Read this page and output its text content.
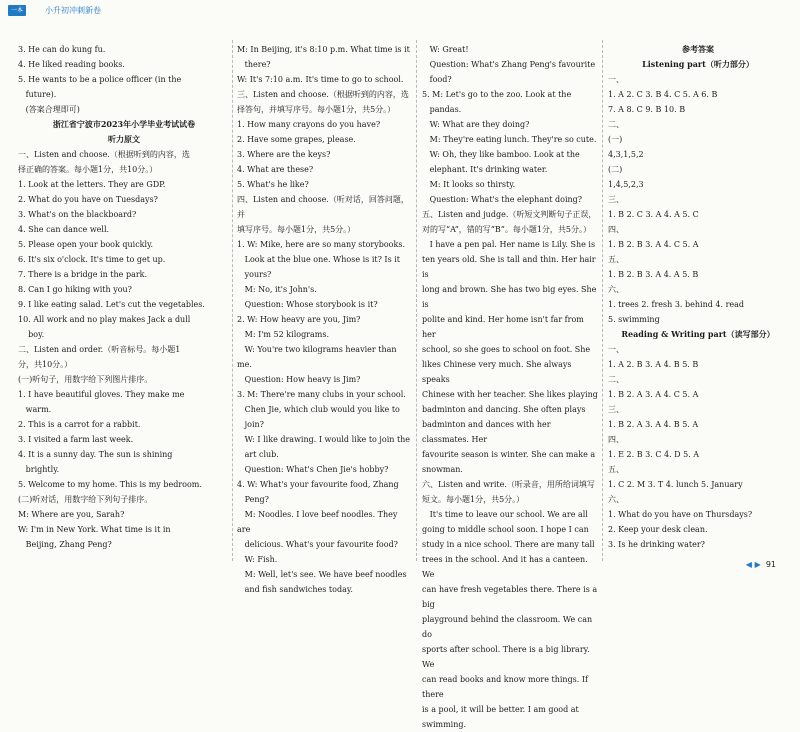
一本	小升初冲刺新卷
3. He can do kung fu.
4. He liked reading books.
5. He wants to be a police officer (in the
future).
(答案合理即可)
浙江省宁波市2023年小学毕业考试试卷
听力原文
一、Listen and choose.（根据听到的内容，选
择正确的答案。每小题1分，共10分。）
1. Look at the letters. They are GDP.
2. What do you have on Tuesdays?
3. What's on the blackboard?
4. She can dance well.
5. Please open your book quickly.
6. It's six o'clock. It's time to get up.
7. There is a bridge in the park.
8. Can I go hiking with you?
9. I like eating salad. Let's cut the vegetables.
10. All work and no play makes Jack a dull
boy.
二、Listen and order.（听音标号。每小题1
分，共10分。）
(一)听句子，用数字给下列图片排序。
1. I have beautiful gloves. They make me
warm.
2. This is a carrot for a rabbit.
3. I visited a farm last week.
4. It is a sunny day. The sun is shining
brightly.
5. Welcome to my home. This is my bedroom.
(二)听对话，用数字给下列句子排序。
M: Where are you, Sarah?
W: I'm in New York. What time is it in
Beijing, Zhang Peng?
M: In Beijing, it's 8:10 p.m. What time is it
there?
W: It's 7:10 a.m. It's time to go to school.
三、Listen and choose.（根据听到的内容，选
择答句，并填写序号。每小题1分，共5分。）
1. How many crayons do you have?
2. Have some grapes, please.
3. Where are the keys?
4. What are these?
5. What's he like?
四、Listen and choose.（听对话，回答问题，并
填写序号。每小题1分，共5分。）
1. W: Mike, here are so many storybooks.
Look at the blue one. Whose is it? Is it
yours?
M: No, it's John's.
Question: Whose storybook is it?
2. W: How heavy are you, Jim?
M: I'm 52 kilograms.
W: You're two kilograms heavier than me.
Question: How heavy is Jim?
3. M: There're many clubs in your school.
Chen Jie, which club would you like to
join?
W: I like drawing. I would like to join the
art club.
Question: What's Chen Jie's hobby?
4. W: What's your favourite food, Zhang
Peng?
M: Noodles. I love beef noodles. They are
delicious. What's your favourite food?
W: Fish.
M: Well, let's see. We have beef noodles
and fish sandwiches today.
W: Great!
Question: What's Zhang Peng's favourite
food?
5. M: Let's go to the zoo. Look at the
pandas.
W: What are they doing?
M: They're eating lunch. They're so cute.
W: Oh, they like bamboo. Look at the
elephant. It's drinking water.
M: It looks so thirsty.
Question: What's the elephant doing?
五、Listen and judge.（听短文判断句子正误，
对的写“A”，错的写“B”。每小题1分，共5分。）
I have a pen pal. Her name is Lily. She is
ten years old. She is tall and thin. Her hair is
long and brown. She has two big eyes. She is
polite and kind. Her home isn't far from her
school, so she goes to school on foot. She
likes Chinese very much. She always speaks
Chinese with her teacher. She likes playing
badminton and dancing. She often plays
badminton and dances with her classmates. Her
favourite season is winter. She can make a
snowman.
六、Listen and write.（听录音，用所给词填写
短文。每小题1分，共5分。）
It's time to leave our school. We are all
going to middle school soon. I hope I can
study in a nice school. There are many tall
trees in the school. And it has a canteen. We
can have fresh vegetables there. There is a big
playground behind the classroom. We can do
sports after school. There is a big library. We
can read books and know more things. If there
is a pool, it will be better. I am good at
swimming.
参考答案
Listening part（听力部分）
一、
1. A 2. C 3. B 4. C 5. A 6. B
7. A 8. C 9. B 10. B
二、
(一)
4,3,1,5,2
(二)
1,4,5,2,3
三、
1. B 2. C 3. A 4. A 5. C
四、
1. B 2. B 3. A 4. C 5. A
五、
1. B 2. B 3. A 4. A 5. B
六、
1. trees 2. fresh 3. behind 4. read
5. swimming
Reading & Writing part（读写部分）
一、
1. A 2. B 3. A 4. B 5. B
二、
1. B 2. A 3. A 4. C 5. A
三、
1. B 2. A 3. A 4. B 5. A
四、
1. E 2. B 3. C 4. D 5. A
五、
1. C 2. M 3. T 4. lunch 5. January
六、
1. What do you have on Thursdays?
2. Keep your desk clean.
3. Is he drinking water?
◀ ▶ 91
